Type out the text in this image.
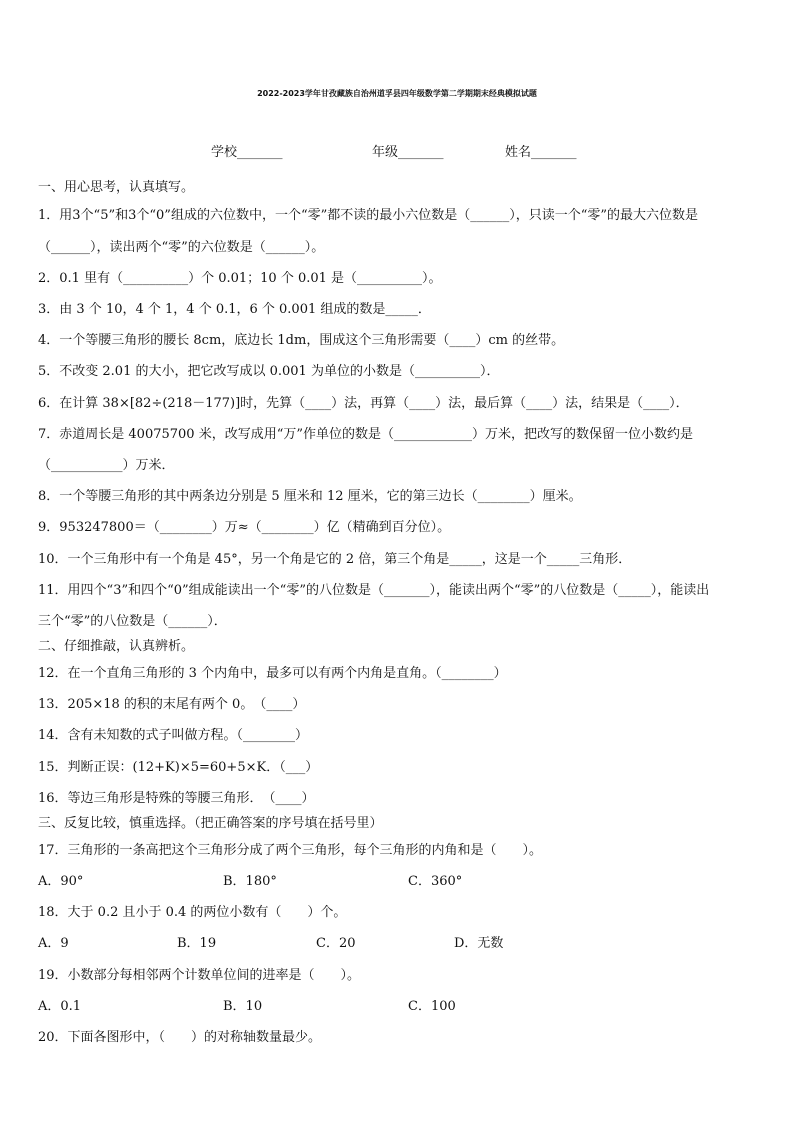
2022-2023学年甘孜藏族自治州道孚县四年级数学第二学期期末经典模拟试题
学校_______	年级_______	姓名_______
一、用心思考，认真填写。
1．用3个“5”和3个“0”组成的六位数中，一个“零”都不读的最小六位数是（______），只读一个“零”的最大六位数是
（______），读出两个“零”的六位数是（______）。
2．0.1 里有（__________）个 0.01；10 个 0.01 是（__________）。
3．由 3 个 10，4 个 1，4 个 0.1，6 个 0.001 组成的数是_____．
4．一个等腰三角形的腰长 8cm，底边长 1dm，围成这个三角形需要（____）cm 的丝带。
5．不改变 2.01 的大小，把它改写成以 0.001 为单位的小数是（__________）．
6．在计算 38×[82÷(218－177)]时，先算（____）法，再算（____）法，最后算（____）法，结果是（____）．
7．赤道周长是 40075700 米，改写成用“万”作单位的数是（____________）万米，把改写的数保留一位小数约是
（___________）万米．
8．一个等腰三角形的其中两条边分别是 5 厘米和 12 厘米，它的第三边长（________）厘米。
9．953247800＝（________）万≈（________）亿（精确到百分位）。
10．一个三角形中有一个角是 45°，另一个角是它的 2 倍，第三个角是_____，这是一个_____三角形．
11．用四个“3”和四个“0”组成能读出一个“零”的八位数是（_______），能读出两个“零”的八位数是（_____），能读出
三个“零”的八位数是（______）．
二、仔细推敲，认真辨析。
12．在一个直角三角形的 3 个内角中，最多可以有两个内角是直角。（________）
13．205×18 的积的末尾有两个 0。　（____）
14．含有未知数的式子叫做方程。（________）
15．判断正误：(12+K)×5=60+5×K．（___）
16．等边三角形是特殊的等腰三角形．　（____）
三、反复比较，慎重选择。（把正确答案的序号填在括号里）
17．三角形的一条高把这个三角形分成了两个三角形，每个三角形的内角和是（　　）。
A．90°	B．180°	C．360°
18．大于 0.2 且小于 0.4 的两位小数有（　　）个。
A．9	B．19	C．20	D．无数
19．小数部分每相邻两个计数单位间的进率是（　　）。
A．0.1	B．10	C．100
20．下面各图形中，（　　）的对称轴数量最少。
